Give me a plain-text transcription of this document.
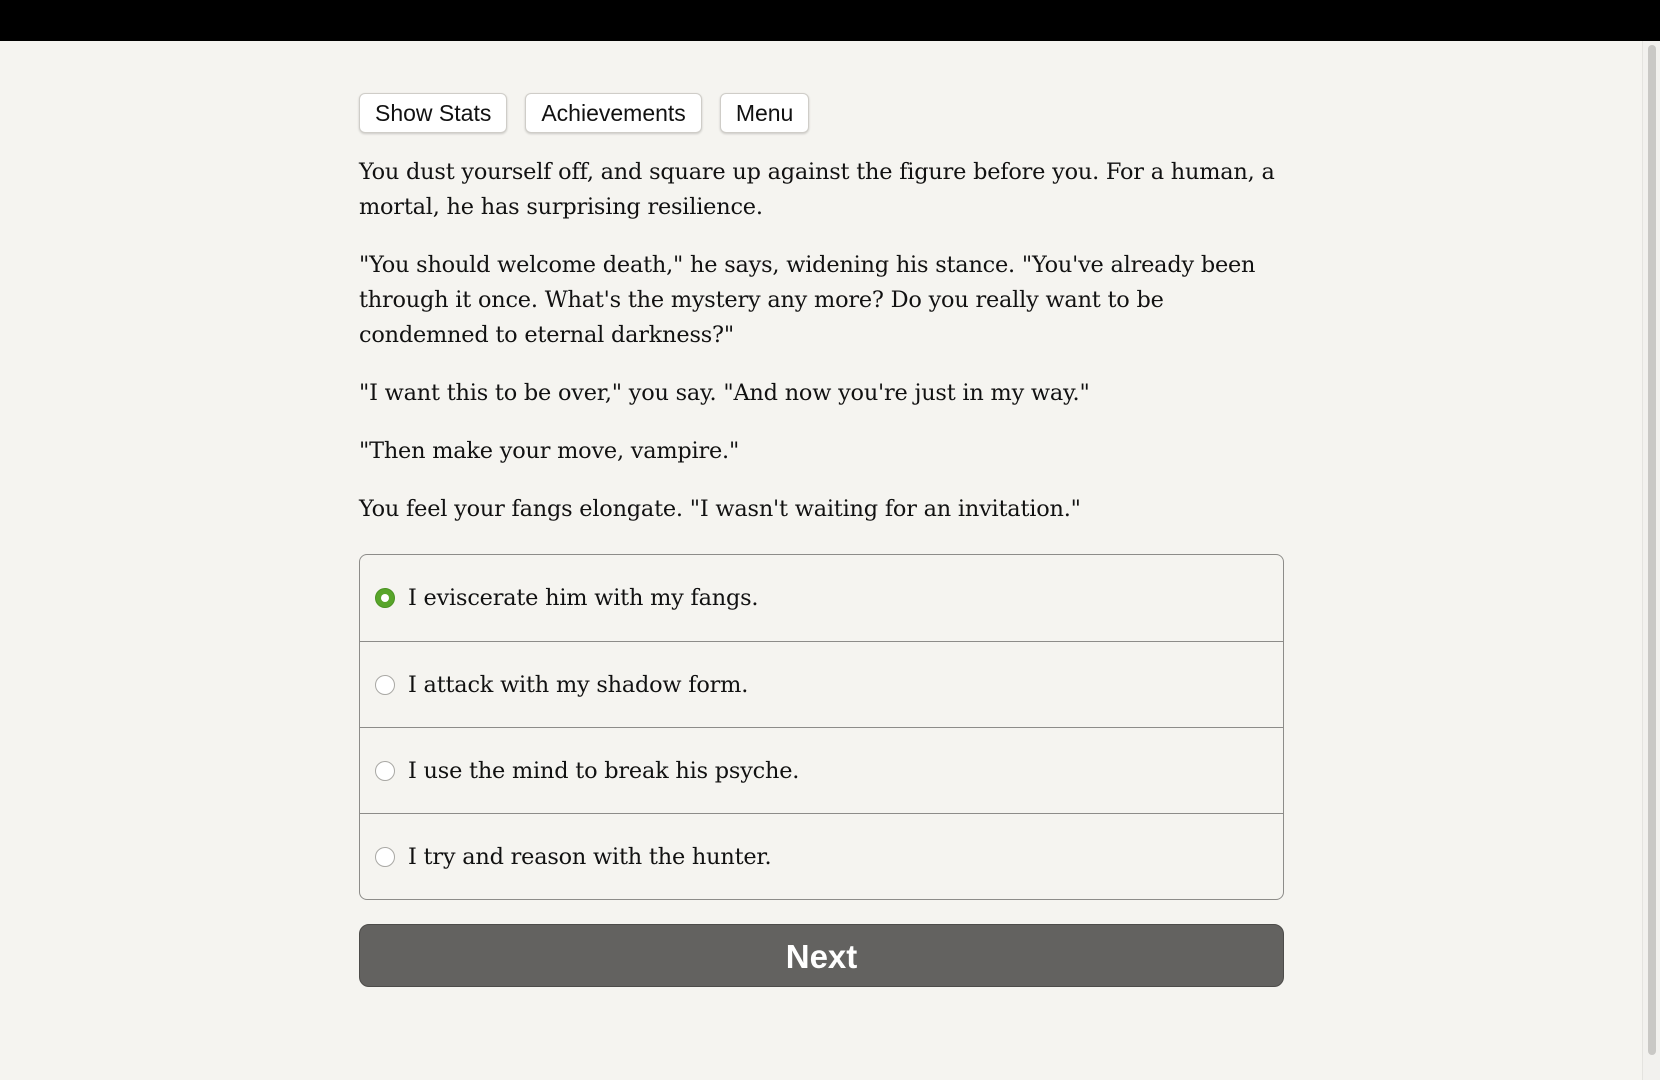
Show Stats	Achievements	Menu

You dust yourself off, and square up against the figure before you. For a human, a mortal, he has surprising resilience.

"You should welcome death," he says, widening his stance. "You've already been through it once. What's the mystery any more? Do you really want to be condemned to eternal darkness?"

"I want this to be over," you say. "And now you're just in my way."

"Then make your move, vampire."

You feel your fangs elongate. "I wasn't waiting for an invitation."

I eviscerate him with my fangs.
I attack with my shadow form.
I use the mind to break his psyche.
I try and reason with the hunter.
Next
